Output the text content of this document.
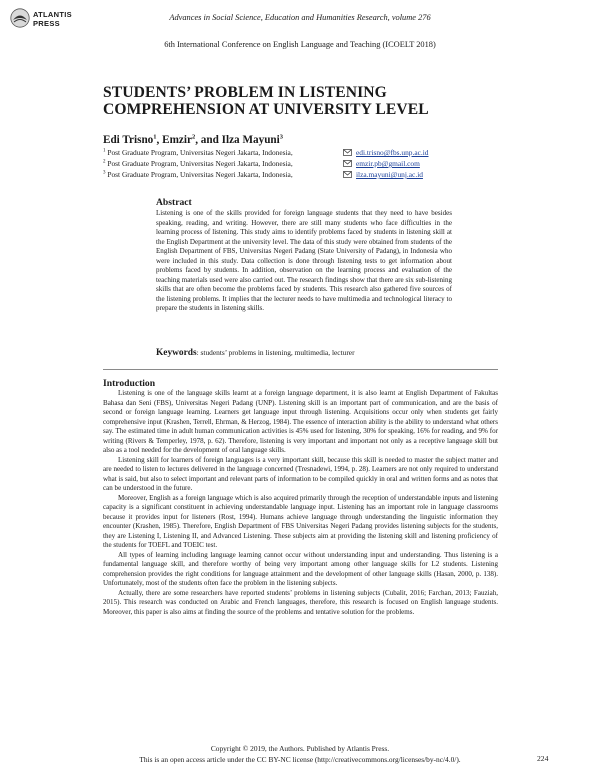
ATLANTIS
PRESS
Advances in Social Science, Education and Humanities Research, volume 276
6th International Conference on English Language and Teaching (ICOELT 2018)
STUDENTS’ PROBLEM IN LISTENING
COMPREHENSION AT UNIVERSITY LEVEL
Edi Trisno$^1$, Emzir$^2$, and Ilza Mayuni$^3$
$^1$ Post Graduate Program, Universitas Negeri Jakarta, Indonesia,	edi.trisno@fbs.unp.ac.id
$^2$ Post Graduate Program, Universitas Negeri Jakarta, Indonesia,	emzir.pb@gmail.com
$^3$ Post Graduate Program, Universitas Negeri Jakarta, Indonesia,	ilza.mayuni@unj.ac.id
Abstract
Listening is one of the skills provided for foreign language students that they need to have besides speaking, reading, and writing. However, there are still many students who face difficulties in the learning process of listening. This study aims to identify problems faced by students in listening skill at the English Department at the university level. The data of this study were obtained from students of the English Department of FBS, Universitas Negeri Padang (State University of Padang), in Indonesia who were included in this study. Data collection is done through listening tests to get information about problems faced by students. In addition, observation on the learning process and evaluation of the teaching materials used were also carried out. The research findings show that there are six sub-listening skills that are often become the problems faced by students. This research also gathered five sources of the listening problems. It implies that the lecturer needs to have multimedia and technological literacy to prepare the students in listening skills.
Keywords: students’ problems in listening, multimedia, lecturer
Introduction

Listening is one of the language skills learnt at a foreign language department, it is also learnt at English Department of Fakultas Bahasa dan Seni (FBS), Universitas Negeri Padang (UNP). Listening skill is an important part of communication, and are the basis of second or foreign language learning. Learners get language input through listening. Acquisitions occur only when students get fairly comprehensive input (Krashen, Terrell, Ehrman, & Herzog, 1984). The essence of interaction ability is the ability to understand what others say. The estimated time in adult human communication activities is 45% used for listening, 30% for speaking, 16% for reading, and 9% for writing (Rivers & Temperley, 1978, p. 62). Therefore, listening is very important and important not only as a receptive language skill but also as a tool needed for the development of oral language skills.

Listening skill for learners of foreign languages is a very important skill, because this skill is needed to master the subject matter and are needed to listen to lectures delivered in the language concerned (Tresnadewi, 1994, p. 28). Learners are not only required to understand what is said, but also to select important and relevant parts of information to be compiled quickly in oral and written forms and as notes that can be understood in the future.

Moreover, English as a foreign language which is also acquired primarily through the reception of understandable inputs and listening capacity is a significant constituent in achieving understandable language input. Listening has an important role in language classrooms because it provides input for listeners (Rost, 1994). Humans achieve language through understanding the linguistic information they encounter (Krashen, 1985). Therefore, English Department of FBS Universitas Negeri Padang provides listening subjects for the students, they are Listening I, Listening II, and Advanced Listening. These subjects aim at providing the listening skill and listening proficiency of the students for TOEFL and TOEIC test.

All types of learning including language learning cannot occur without understanding input and understanding. Thus listening is a fundamental language skill, and therefore worthy of being very important among other language skills for L2 students. Listening comprehension provides the right conditions for language attainment and the development of other language skills (Hasan, 2000, p. 138). Unfortunately, most of the students often face the problem in the listening subjects.

Actually, there are some researchers have reported students’ problems in listening subjects (Cubalit, 2016; Farchan, 2013; Fauziah, 2015). This research was conducted on Arabic and French languages, therefore, this research is focused on English language students. Moreover, this paper is also aims at finding the source of the problems and tentative solution for the problems.

Copyright © 2019, the Authors. Published by Atlantis Press.
This is an open access article under the CC BY-NC license (http://creativecommons.org/licenses/by-nc/4.0/).	224
